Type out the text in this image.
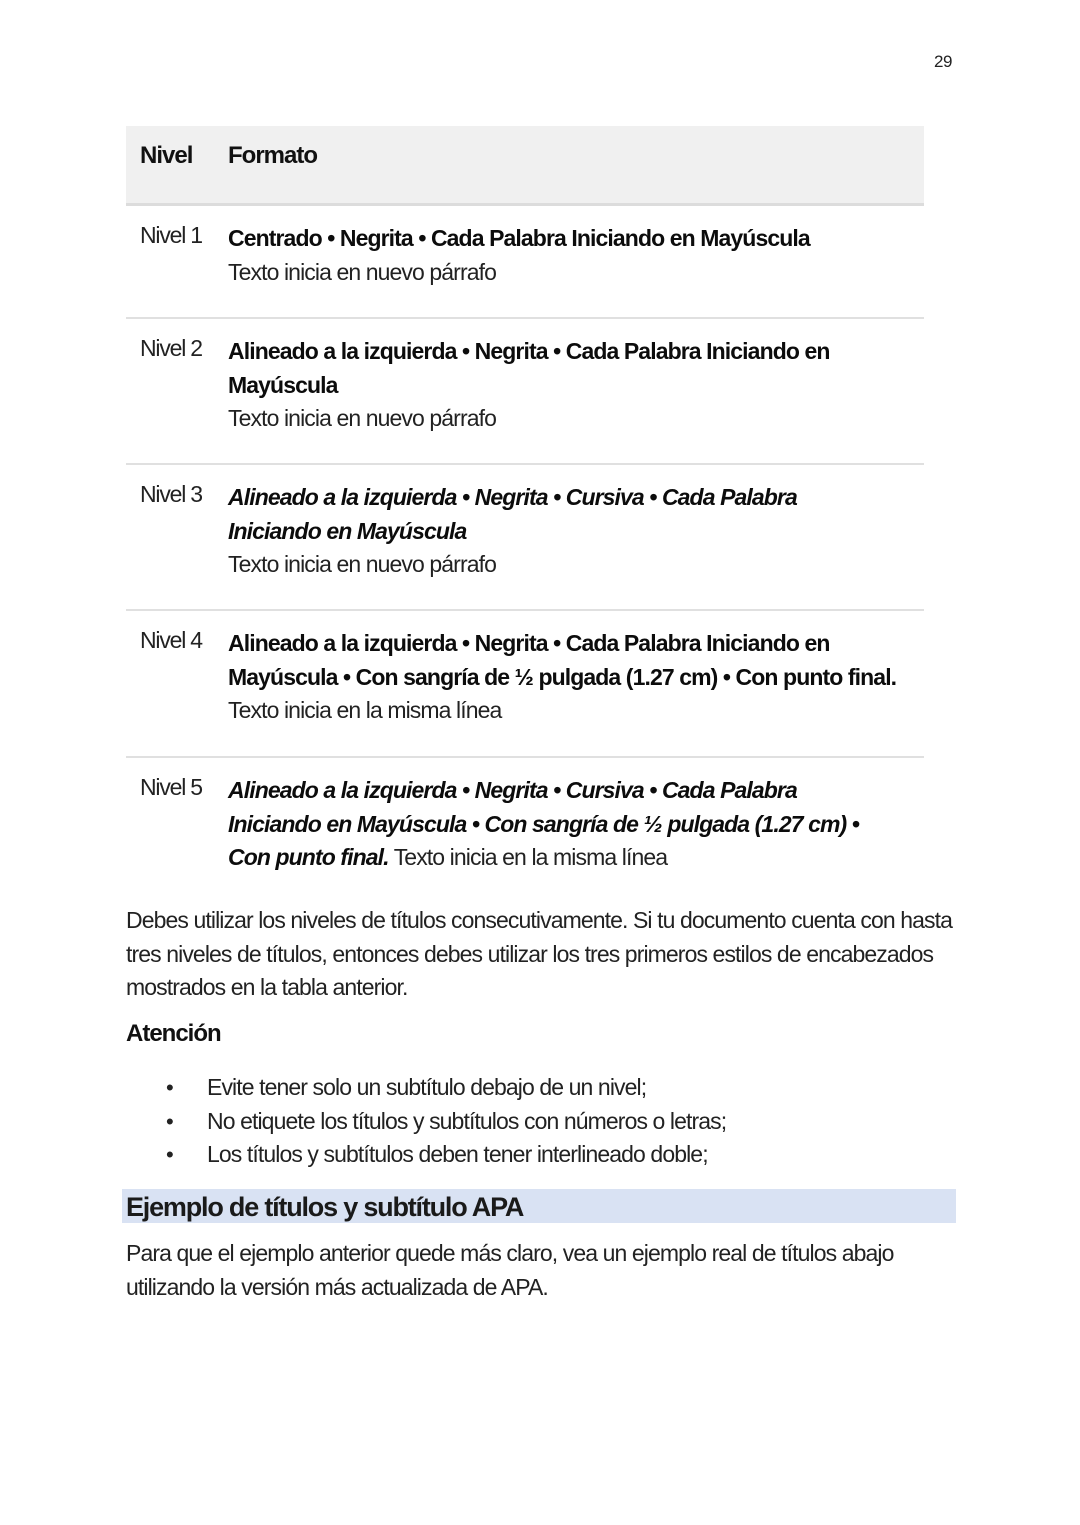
29
Nivel	Formato
Nivel 1	Centrado • Negrita • Cada Palabra Iniciando en Mayúscula
Texto inicia en nuevo párrafo
Nivel 2	Alineado a la izquierda • Negrita • Cada Palabra Iniciando en Mayúscula
Texto inicia en nuevo párrafo
Nivel 3	Alineado a la izquierda • Negrita • Cursiva • Cada Palabra Iniciando en Mayúscula
Texto inicia en nuevo párrafo
Nivel 4	Alineado a la izquierda • Negrita • Cada Palabra Iniciando en Mayúscula • Con sangría de ½ pulgada (1.27 cm) • Con punto final.
Texto inicia en la misma línea
Nivel 5	Alineado a la izquierda • Negrita • Cursiva • Cada Palabra Iniciando en Mayúscula • Con sangría de ½ pulgada (1.27 cm) • Con punto final. Texto inicia en la misma línea
Debes utilizar los niveles de títulos consecutivamente. Si tu documento cuenta con hasta tres niveles de títulos, entonces debes utilizar los tres primeros estilos de encabezados mostrados en la tabla anterior.
Atención
•	Evite tener solo un subtítulo debajo de un nivel;
•	No etiquete los títulos y subtítulos con números o letras;
•	Los títulos y subtítulos deben tener interlineado doble;
Ejemplo de títulos y subtítulo APA
Para que el ejemplo anterior quede más claro, vea un ejemplo real de títulos abajo utilizando la versión más actualizada de APA.
